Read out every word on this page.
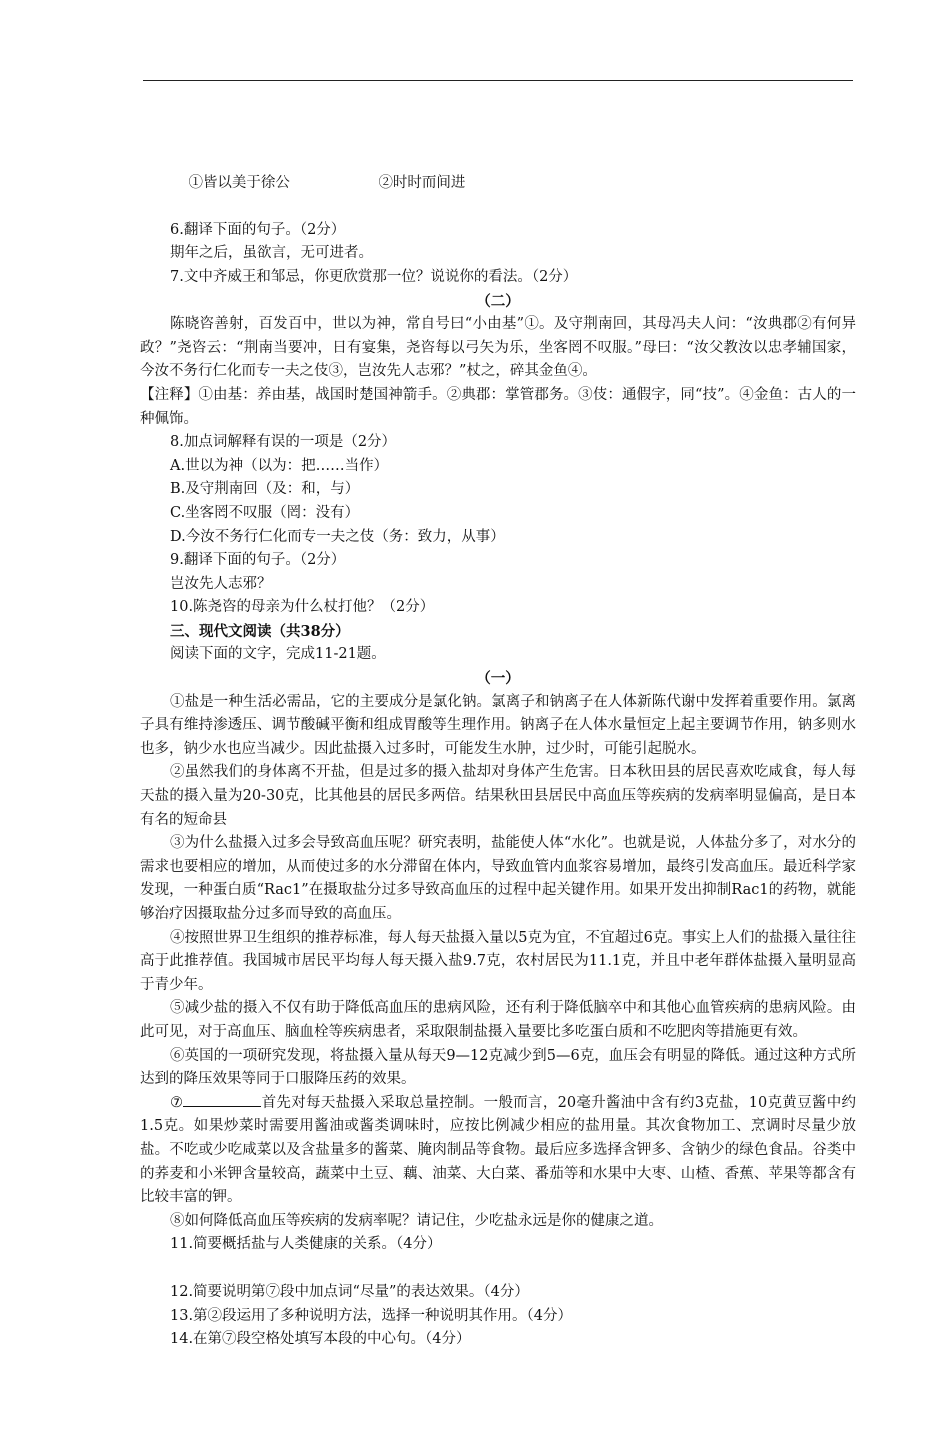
①皆以美于徐公	②时时而间进

6.翻译下面的句子。（2分）
期年之后，虽欲言，无可进者。
7.文中齐威王和邹忌，你更欣赏那一位？说说你的看法。（2分）
（二）
陈晓咨善射，百发百中，世以为神，常自号曰“小由基”①。及守荆南回，其母冯夫人问：“汝典郡②有何异政？”尧咨云：“荆南当要冲，日有宴集，尧咨每以弓矢为乐，坐客罔不叹服。”母曰：“汝父教汝以忠孝辅国家，今汝不务行仁化而专一夫之伎③，岂汝先人志邪？”杖之，碎其金鱼④。
【注释】①由基：养由基，战国时楚国神箭手。②典郡：掌管郡务。③伎：通假字，同“技”。④金鱼：古人的一种佩饰。
8.加点词解释有误的一项是（2分）
A.世以为神（以为：把……当作）
B.及守荆南回（及：和，与）
C.坐客罔不叹服（罔：没有）
D.今汝不务行仁化而专一夫之伎（务：致力，从事）
9.翻译下面的句子。（2分）
岂汝先人志邪？
10.陈尧咨的母亲为什么杖打他？（2分）
三、现代文阅读（共38分）
阅读下面的文字，完成11-21题。
（一）
①盐是一种生活必需品，它的主要成分是氯化钠。氯离子和钠离子在人体新陈代谢中发挥着重要作用。氯离子具有维持渗透压、调节酸碱平衡和组成胃酸等生理作用。钠离子在人体水量恒定上起主要调节作用，钠多则水也多，钠少水也应当减少。因此盐摄入过多时，可能发生水肿，过少时，可能引起脱水。
②虽然我们的身体离不开盐，但是过多的摄入盐却对身体产生危害。日本秋田县的居民喜欢吃咸食，每人每天盐的摄入量为20-30克，比其他县的居民多两倍。结果秋田县居民中高血压等疾病的发病率明显偏高，是日本有名的短命县
③为什么盐摄入过多会导致高血压呢？研究表明，盐能使人体“水化”。也就是说，人体盐分多了，对水分的需求也要相应的增加，从而使过多的水分滞留在体内，导致血管内血浆容易增加，最终引发高血压。最近科学家发现，一种蛋白质“Rac1”在摄取盐分过多导致高血压的过程中起关键作用。如果开发出抑制Rac1的药物，就能够治疗因摄取盐分过多而导致的高血压。
④按照世界卫生组织的推荐标准，每人每天盐摄入量以5克为宜，不宜超过6克。事实上人们的盐摄入量往往高于此推荐值。我国城市居民平均每人每天摄入盐9.7克，农村居民为11.1克，并且中老年群体盐摄入量明显高于青少年。
⑤减少盐的摄入不仅有助于降低高血压的患病风险，还有利于降低脑卒中和其他心血管疾病的患病风险。由此可见，对于高血压、脑血栓等疾病患者，采取限制盐摄入量要比多吃蛋白质和不吃肥肉等措施更有效。
⑥英国的一项研究发现，将盐摄入量从每天9—12克减少到5—6克，血压会有明显的降低。通过这种方式所达到的降压效果等同于口服降压药的效果。
⑦	首先对每天盐摄入采取总量控制。一般而言，20毫升酱油中含有约3克盐，10克黄豆酱中约1.5克。如果炒菜时需要用酱油或酱类调味时，应按比例减少相应的盐用量。其次食物加工、烹调时尽量少放盐。不吃或少吃咸菜以及含盐量多的酱菜、腌肉制品等食物。最后应多选择含钾多、含钠少的绿色食品。谷类中的荞麦和小米钾含量较高，蔬菜中土豆、藕、油菜、大白菜、番茄等和水果中大枣、山楂、香蕉、苹果等都含有比较丰富的钾。
⑧如何降低高血压等疾病的发病率呢？请记住，少吃盐永远是你的健康之道。
11.简要概括盐与人类健康的关系。（4分）
12.简要说明第⑦段中加点词“尽量”的表达效果。（4分）
13.第②段运用了多种说明方法，选择一种说明其作用。（4分）
14.在第⑦段空格处填写本段的中心句。（4分）
